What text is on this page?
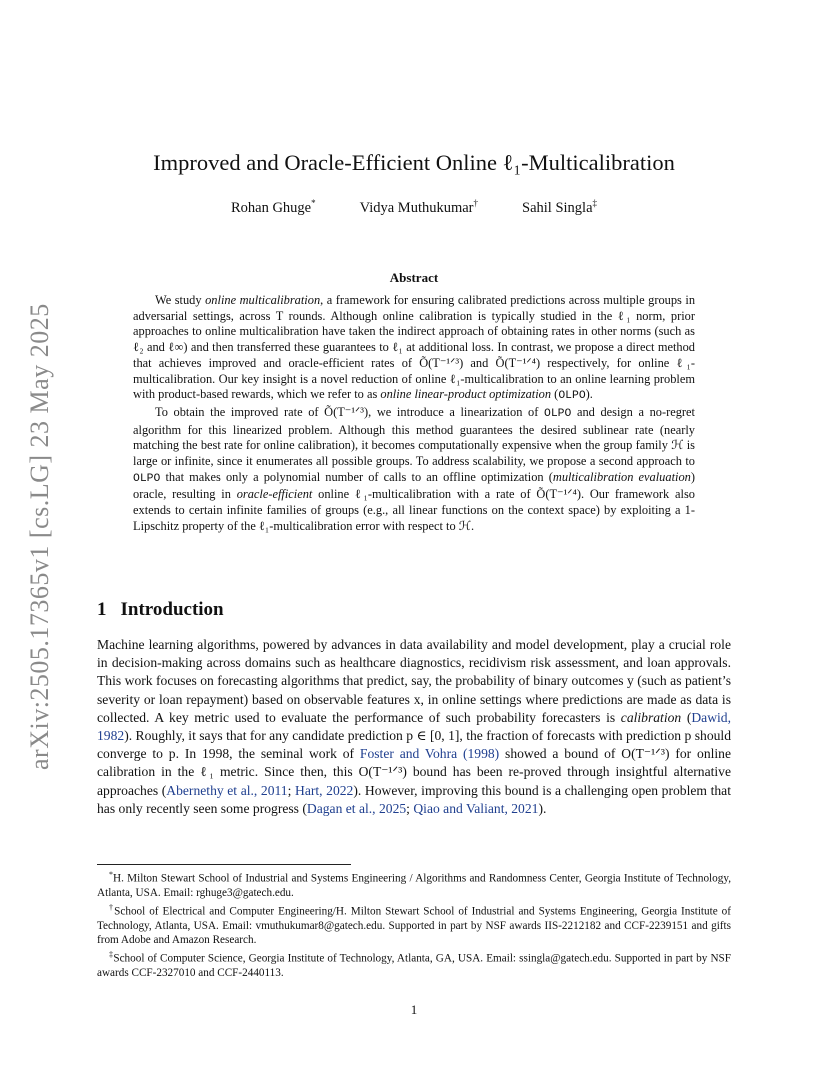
arXiv:2505.17365v1 [cs.LG] 23 May 2025
Improved and Oracle-Efficient Online ℓ₁-Multicalibration
Rohan Ghuge*	Vidya Muthukumar†	Sahil Singla‡
Abstract

We study online multicalibration, a framework for ensuring calibrated predictions across multiple groups in adversarial settings, across T rounds. Although online calibration is typically studied in the ℓ₁ norm, prior approaches to online multicalibration have taken the indirect approach of obtaining rates in other norms (such as ℓ₂ and ℓ∞) and then transferred these guarantees to ℓ₁ at additional loss. In contrast, we propose a direct method that achieves improved and oracle-efficient rates of Õ(T⁻¹ᐟ³) and Õ(T⁻¹ᐟ⁴) respectively, for online ℓ₁-multicalibration. Our key insight is a novel reduction of online ℓ₁-multicalibration to an online learning problem with product-based rewards, which we refer to as online linear-product optimization (OLPO).

To obtain the improved rate of Õ(T⁻¹ᐟ³), we introduce a linearization of OLPO and design a no-regret algorithm for this linearized problem. Although this method guarantees the desired sublinear rate (nearly matching the best rate for online calibration), it becomes computationally expensive when the group family ℋ is large or infinite, since it enumerates all possible groups. To address scalability, we propose a second approach to OLPO that makes only a polynomial number of calls to an offline optimization (multicalibration evaluation) oracle, resulting in oracle-efficient online ℓ₁-multicalibration with a rate of Õ(T⁻¹ᐟ⁴). Our framework also extends to certain infinite families of groups (e.g., all linear functions on the context space) by exploiting a 1-Lipschitz property of the ℓ₁-multicalibration error with respect to ℋ.

1 Introduction

Machine learning algorithms, powered by advances in data availability and model development, play a crucial role in decision-making across domains such as healthcare diagnostics, recidivism risk assessment, and loan approvals. This work focuses on forecasting algorithms that predict, say, the probability of binary outcomes y (such as patient’s severity or loan repayment) based on observable features x, in online settings where predictions are made as data is collected. A key metric used to evaluate the performance of such probability forecasters is calibration (Dawid, 1982). Roughly, it says that for any candidate prediction p ∈ [0, 1], the fraction of forecasts with prediction p should converge to p. In 1998, the seminal work of Foster and Vohra (1998) showed a bound of O(T⁻¹ᐟ³) for online calibration in the ℓ₁ metric. Since then, this O(T⁻¹ᐟ³) bound has been re-proved through insightful alternative approaches (Abernethy et al., 2011; Hart, 2022). However, improving this bound is a challenging open problem that has only recently seen some progress (Dagan et al., 2025; Qiao and Valiant, 2021).

*H. Milton Stewart School of Industrial and Systems Engineering / Algorithms and Randomness Center, Georgia Institute of Technology, Atlanta, USA. Email: rghuge3@gatech.edu.

†School of Electrical and Computer Engineering/H. Milton Stewart School of Industrial and Systems Engineering, Georgia Institute of Technology, Atlanta, USA. Email: vmuthukumar8@gatech.edu. Supported in part by NSF awards IIS-2212182 and CCF-2239151 and gifts from Adobe and Amazon Research.

‡School of Computer Science, Georgia Institute of Technology, Atlanta, GA, USA. Email: ssingla@gatech.edu. Supported in part by NSF awards CCF-2327010 and CCF-2440113.

1
